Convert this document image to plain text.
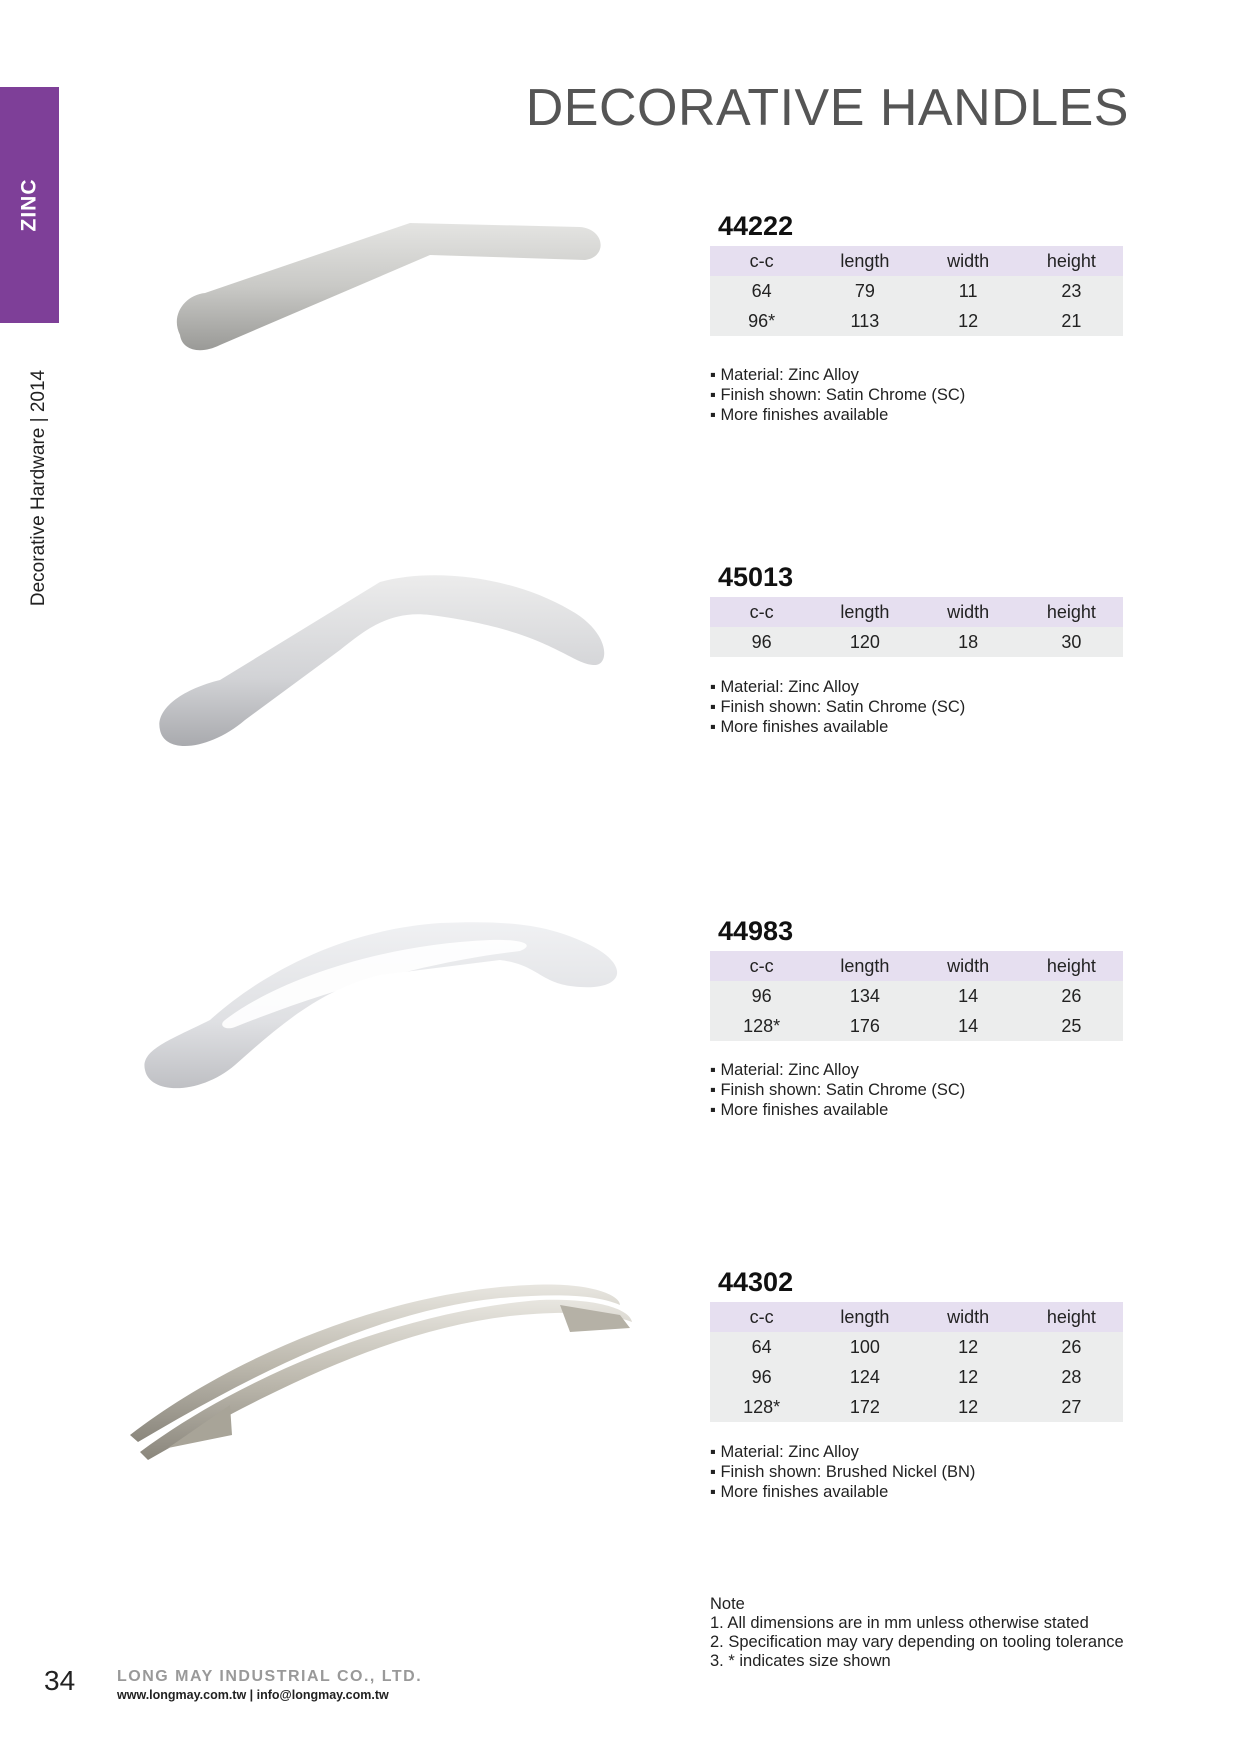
ZINC
Decorative Hardware | 2014
DECORATIVE HANDLES
44222
c-c	length	width	height
64	79	11	23
96*	113	12	21
▪ Material: Zinc Alloy
▪ Finish shown: Satin Chrome (SC)
▪ More finishes available
45013
c-c	length	width	height
96	120	18	30
▪ Material: Zinc Alloy
▪ Finish shown: Satin Chrome (SC)
▪ More finishes available
44983
c-c	length	width	height
96	134	14	26
128*	176	14	25
▪ Material: Zinc Alloy
▪ Finish shown: Satin Chrome (SC)
▪ More finishes available
44302
c-c	length	width	height
64	100	12	26
96	124	12	28
128*	172	12	27
▪ Material: Zinc Alloy
▪ Finish shown: Brushed Nickel (BN)
▪ More finishes available
Note
1. All dimensions are in mm unless otherwise stated
2. Specification may vary depending on tooling tolerance
3. * indicates size shown
34	LONG MAY INDUSTRIAL CO., LTD.
www.longmay.com.tw | info@longmay.com.tw
